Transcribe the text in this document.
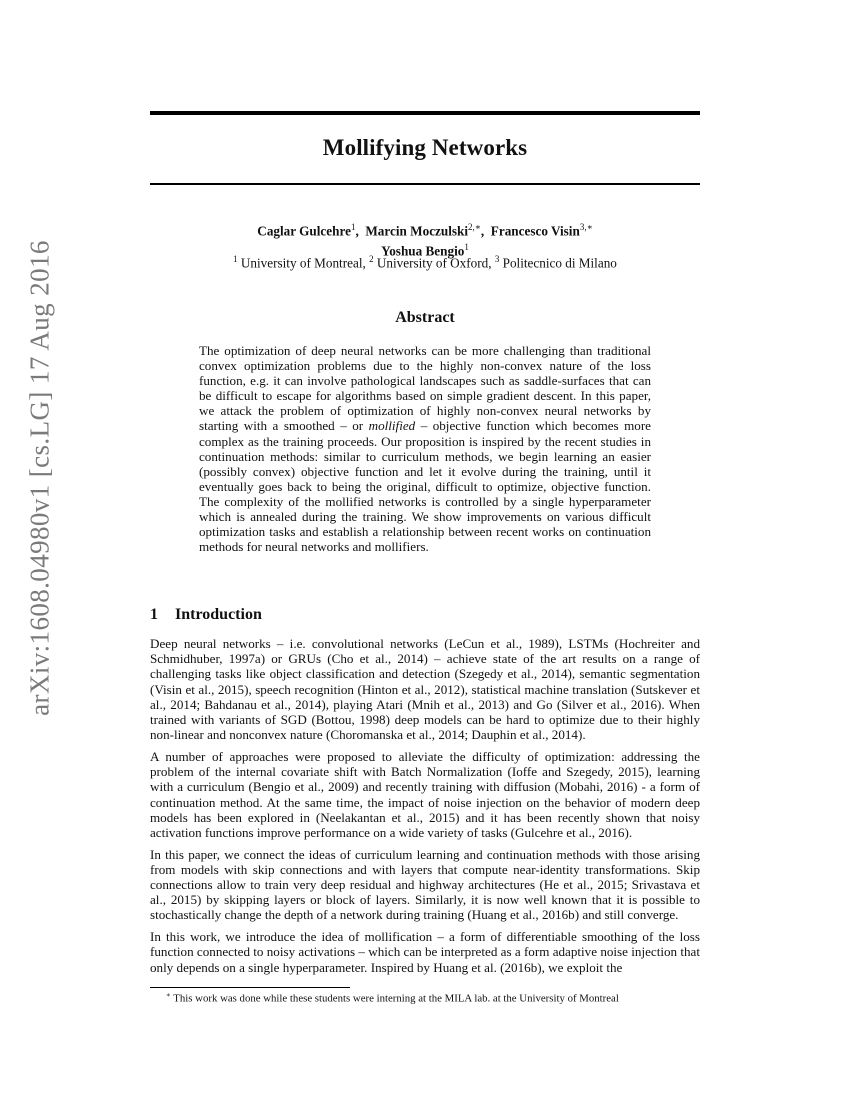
arXiv:1608.04980v1 [cs.LG] 17 Aug 2016
Mollifying Networks
Caglar Gulcehre$^1$,  Marcin Moczulski$^{2,∗}$,  Francesco Visin$^{3,∗}$
Yoshua Bengio$^1$
$^1$ University of Montreal, $^2$ University of Oxford, $^3$ Politecnico di Milano
Abstract
The optimization of deep neural networks can be more challenging than traditional convex optimization problems due to the highly non-convex nature of the loss function, e.g. it can involve pathological landscapes such as saddle-surfaces that can be difficult to escape for algorithms based on simple gradient descent. In this paper, we attack the problem of optimization of highly non-convex neural networks by starting with a smoothed – or mollified – objective function which becomes more complex as the training proceeds. Our proposition is inspired by the recent studies in continuation methods: similar to curriculum methods, we begin learning an easier (possibly convex) objective function and let it evolve during the training, until it eventually goes back to being the original, difficult to optimize, objective function. The complexity of the mollified networks is controlled by a single hyperparameter which is annealed during the training. We show improvements on various difficult optimization tasks and establish a relationship between recent works on continuation methods for neural networks and mollifiers.
1 Introduction

Deep neural networks – i.e. convolutional networks (LeCun et al., 1989), LSTMs (Hochreiter and Schmidhuber, 1997a) or GRUs (Cho et al., 2014) – achieve state of the art results on a range of challenging tasks like object classification and detection (Szegedy et al., 2014), semantic segmentation (Visin et al., 2015), speech recognition (Hinton et al., 2012), statistical machine translation (Sutskever et al., 2014; Bahdanau et al., 2014), playing Atari (Mnih et al., 2013) and Go (Silver et al., 2016). When trained with variants of SGD (Bottou, 1998) deep models can be hard to optimize due to their highly non-linear and nonconvex nature (Choromanska et al., 2014; Dauphin et al., 2014).

A number of approaches were proposed to alleviate the difficulty of optimization: addressing the problem of the internal covariate shift with Batch Normalization (Ioffe and Szegedy, 2015), learning with a curriculum (Bengio et al., 2009) and recently training with diffusion (Mobahi, 2016) - a form of continuation method. At the same time, the impact of noise injection on the behavior of modern deep models has been explored in (Neelakantan et al., 2015) and it has been recently shown that noisy activation functions improve performance on a wide variety of tasks (Gulcehre et al., 2016).

In this paper, we connect the ideas of curriculum learning and continuation methods with those arising from models with skip connections and with layers that compute near-identity transformations. Skip connections allow to train very deep residual and highway architectures (He et al., 2015; Srivastava et al., 2015) by skipping layers or block of layers. Similarly, it is now well known that it is possible to stochastically change the depth of a network during training (Huang et al., 2016b) and still converge.

In this work, we introduce the idea of mollification – a form of differentiable smoothing of the loss function connected to noisy activations – which can be interpreted as a form adaptive noise injection that only depends on a single hyperparameter. Inspired by Huang et al. (2016b), we exploit the

∗ This work was done while these students were interning at the MILA lab. at the University of Montreal
